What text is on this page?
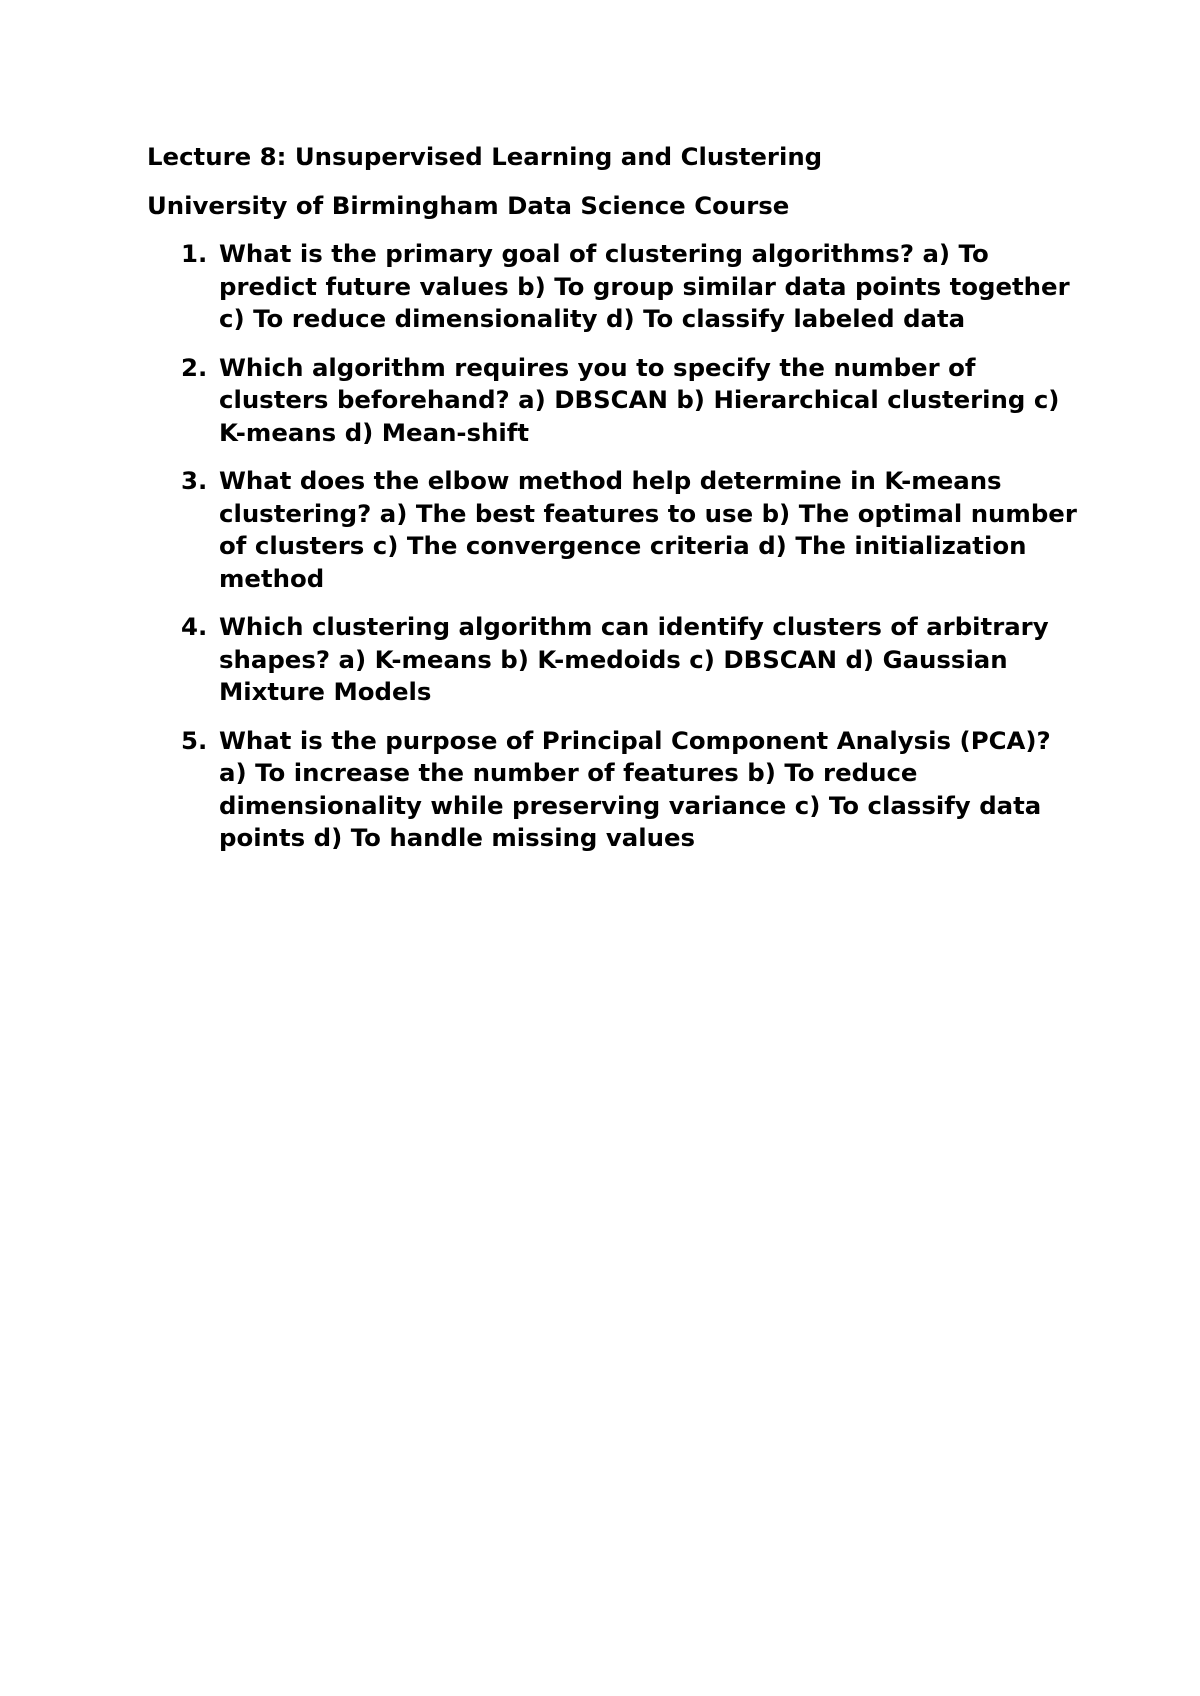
Lecture 8: Unsupervised Learning and Clustering

University of Birmingham Data Science Course

1. What is the primary goal of clustering algorithms? a) To predict future values b) To group similar data points together c) To reduce dimensionality d) To classify labeled data
2. Which algorithm requires you to specify the number of clusters beforehand? a) DBSCAN b) Hierarchical clustering c) K-means d) Mean-shift
3. What does the elbow method help determine in K-means clustering? a) The best features to use b) The optimal number of clusters c) The convergence criteria d) The initialization method
4. Which clustering algorithm can identify clusters of arbitrary shapes? a) K-means b) K-medoids c) DBSCAN d) Gaussian Mixture Models
5. What is the purpose of Principal Component Analysis (PCA)? a) To increase the number of features b) To reduce dimensionality while preserving variance c) To classify data points d) To handle missing values
